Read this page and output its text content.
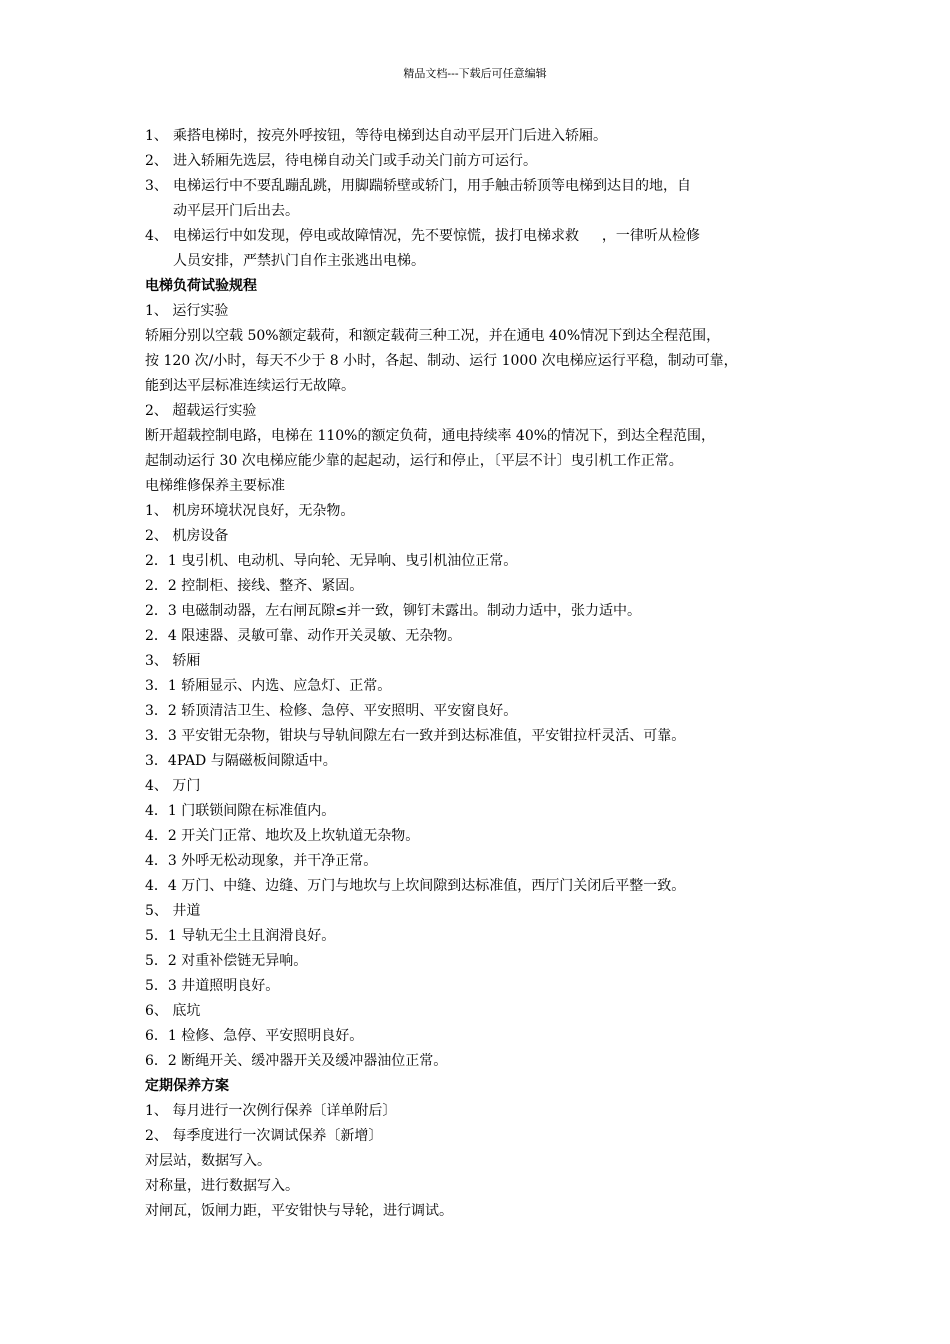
精品文档---下载后可任意编辑
1、 乘搭电梯时，按亮外呼按钮，等待电梯到达自动平层开门后进入轿厢。
2、 进入轿厢先选层，待电梯自动关门或手动关门前方可运行。
3、 电梯运行中不要乱蹦乱跳，用脚踹轿壁或轿门，用手触击轿顶等电梯到达目的地，自
动平层开门后出去。
4、 电梯运行中如发现，停电或故障情况，先不要惊慌，拔打电梯求救 　 ，一律听从检修
人员安排，严禁扒门自作主张逃出电梯。
电梯负荷试验规程
1、 运行实验
轿厢分别以空载 50%额定载荷，和额定载荷三种工况，并在通电 40%情况下到达全程范围，
按 120 次/小时，每天不少于 8 小时，各起、制动、运行 1000 次电梯应运行平稳，制动可靠，
能到达平层标准连续运行无故障。
2、 超载运行实验
断开超载控制电路，电梯在 110%的额定负荷，通电持续率 40%的情况下，到达全程范围，
起制动运行 30 次电梯应能少靠的起起动，运行和停止，〔平层不计〕曳引机工作正常。
电梯维修保养主要标准
1、 机房环境状况良好，无杂物。
2、 机房设备
2．1 曳引机、电动机、导向轮、无异响、曳引机油位正常。
2．2 控制柜、接线、整齐、紧固。
2．3 电磁制动器，左右闸瓦隙≤并一致，铆钉未露出。制动力适中，张力适中。
2．4 限速器、灵敏可靠、动作开关灵敏、无杂物。
3、 轿厢
3．1 轿厢显示、内选、应急灯、正常。
3．2 轿顶清洁卫生、检修、急停、平安照明、平安窗良好。
3．3 平安钳无杂物，钳块与导轨间隙左右一致并到达标准值，平安钳拉杆灵活、可靠。
3．4PAD 与隔磁板间隙适中。
4、 万门
4．1 门联锁间隙在标准值内。
4．2 开关门正常、地坎及上坎轨道无杂物。
4．3 外呼无松动现象，并干净正常。
4．4 万门、中缝、边缝、万门与地坎与上坎间隙到达标准值，西厅门关闭后平整一致。
5、 井道
5．1 导轨无尘土且润滑良好。
5．2 对重补偿链无异响。
5．3 井道照明良好。
6、 底坑
6．1 检修、急停、平安照明良好。
6．2 断绳开关、缓冲器开关及缓冲器油位正常。
定期保养方案
1、 每月进行一次例行保养〔详单附后〕
2、 每季度进行一次调试保养〔新增〕
对层站，数据写入。
对称量，进行数据写入。
对闸瓦，饭闸力距，平安钳快与导轮，进行调试。
